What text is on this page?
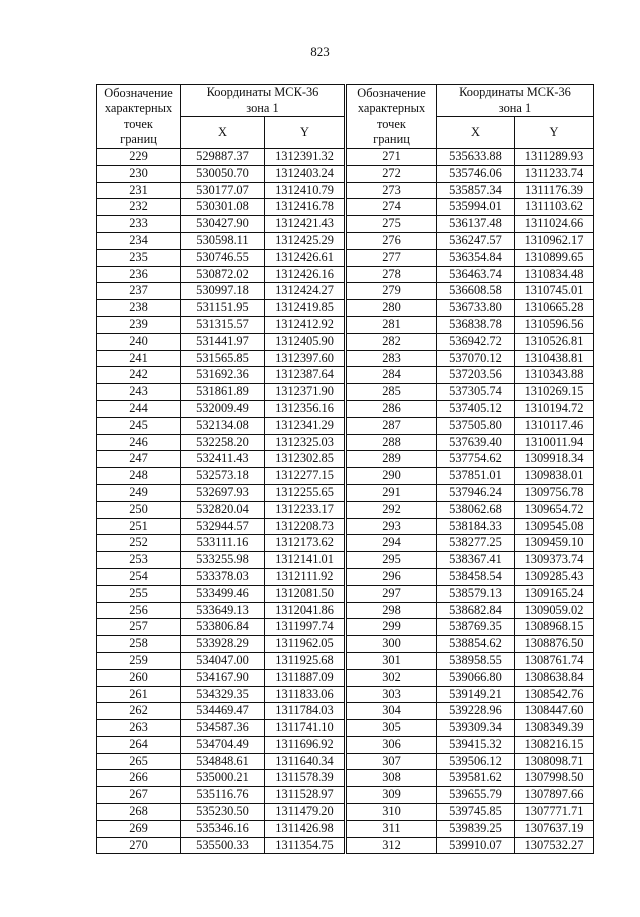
823
Обозначение
характерных
точек
границ	Координаты МСК-36
зона 1	

	X	Y
229	529887.37	1312391.32
230	530050.70	1312403.24
231	530177.07	1312410.79
232	530301.08	1312416.78
233	530427.90	1312421.43
234	530598.11	1312425.29
235	530746.55	1312426.61
236	530872.02	1312426.16
237	530997.18	1312424.27
238	531151.95	1312419.85
239	531315.57	1312412.92
240	531441.97	1312405.90
241	531565.85	1312397.60
242	531692.36	1312387.64
243	531861.89	1312371.90
244	532009.49	1312356.16
245	532134.08	1312341.29
246	532258.20	1312325.03
247	532411.43	1312302.85
248	532573.18	1312277.15
249	532697.93	1312255.65
250	532820.04	1312233.17
251	532944.57	1312208.73
252	533111.16	1312173.62
253	533255.98	1312141.01
254	533378.03	1312111.92
255	533499.46	1312081.50
256	533649.13	1312041.86
257	533806.84	1311997.74
258	533928.29	1311962.05
259	534047.00	1311925.68
260	534167.90	1311887.09
261	534329.35	1311833.06
262	534469.47	1311784.03
263	534587.36	1311741.10
264	534704.49	1311696.92
265	534848.61	1311640.34
266	535000.21	1311578.39
267	535116.76	1311528.97
268	535230.50	1311479.20
269	535346.16	1311426.98
270	535500.33	1311354.75
Обозначение
характерных
точек
границ	Координаты МСК-36
зона 1	

	X	Y
271	535633.88	1311289.93
272	535746.06	1311233.74
273	535857.34	1311176.39
274	535994.01	1311103.62
275	536137.48	1311024.66
276	536247.57	1310962.17
277	536354.84	1310899.65
278	536463.74	1310834.48
279	536608.58	1310745.01
280	536733.80	1310665.28
281	536838.78	1310596.56
282	536942.72	1310526.81
283	537070.12	1310438.81
284	537203.56	1310343.88
285	537305.74	1310269.15
286	537405.12	1310194.72
287	537505.80	1310117.46
288	537639.40	1310011.94
289	537754.62	1309918.34
290	537851.01	1309838.01
291	537946.24	1309756.78
292	538062.68	1309654.72
293	538184.33	1309545.08
294	538277.25	1309459.10
295	538367.41	1309373.74
296	538458.54	1309285.43
297	538579.13	1309165.24
298	538682.84	1309059.02
299	538769.35	1308968.15
300	538854.62	1308876.50
301	538958.55	1308761.74
302	539066.80	1308638.84
303	539149.21	1308542.76
304	539228.96	1308447.60
305	539309.34	1308349.39
306	539415.32	1308216.15
307	539506.12	1308098.71
308	539581.62	1307998.50
309	539655.79	1307897.66
310	539745.85	1307771.71
311	539839.25	1307637.19
312	539910.07	1307532.27
